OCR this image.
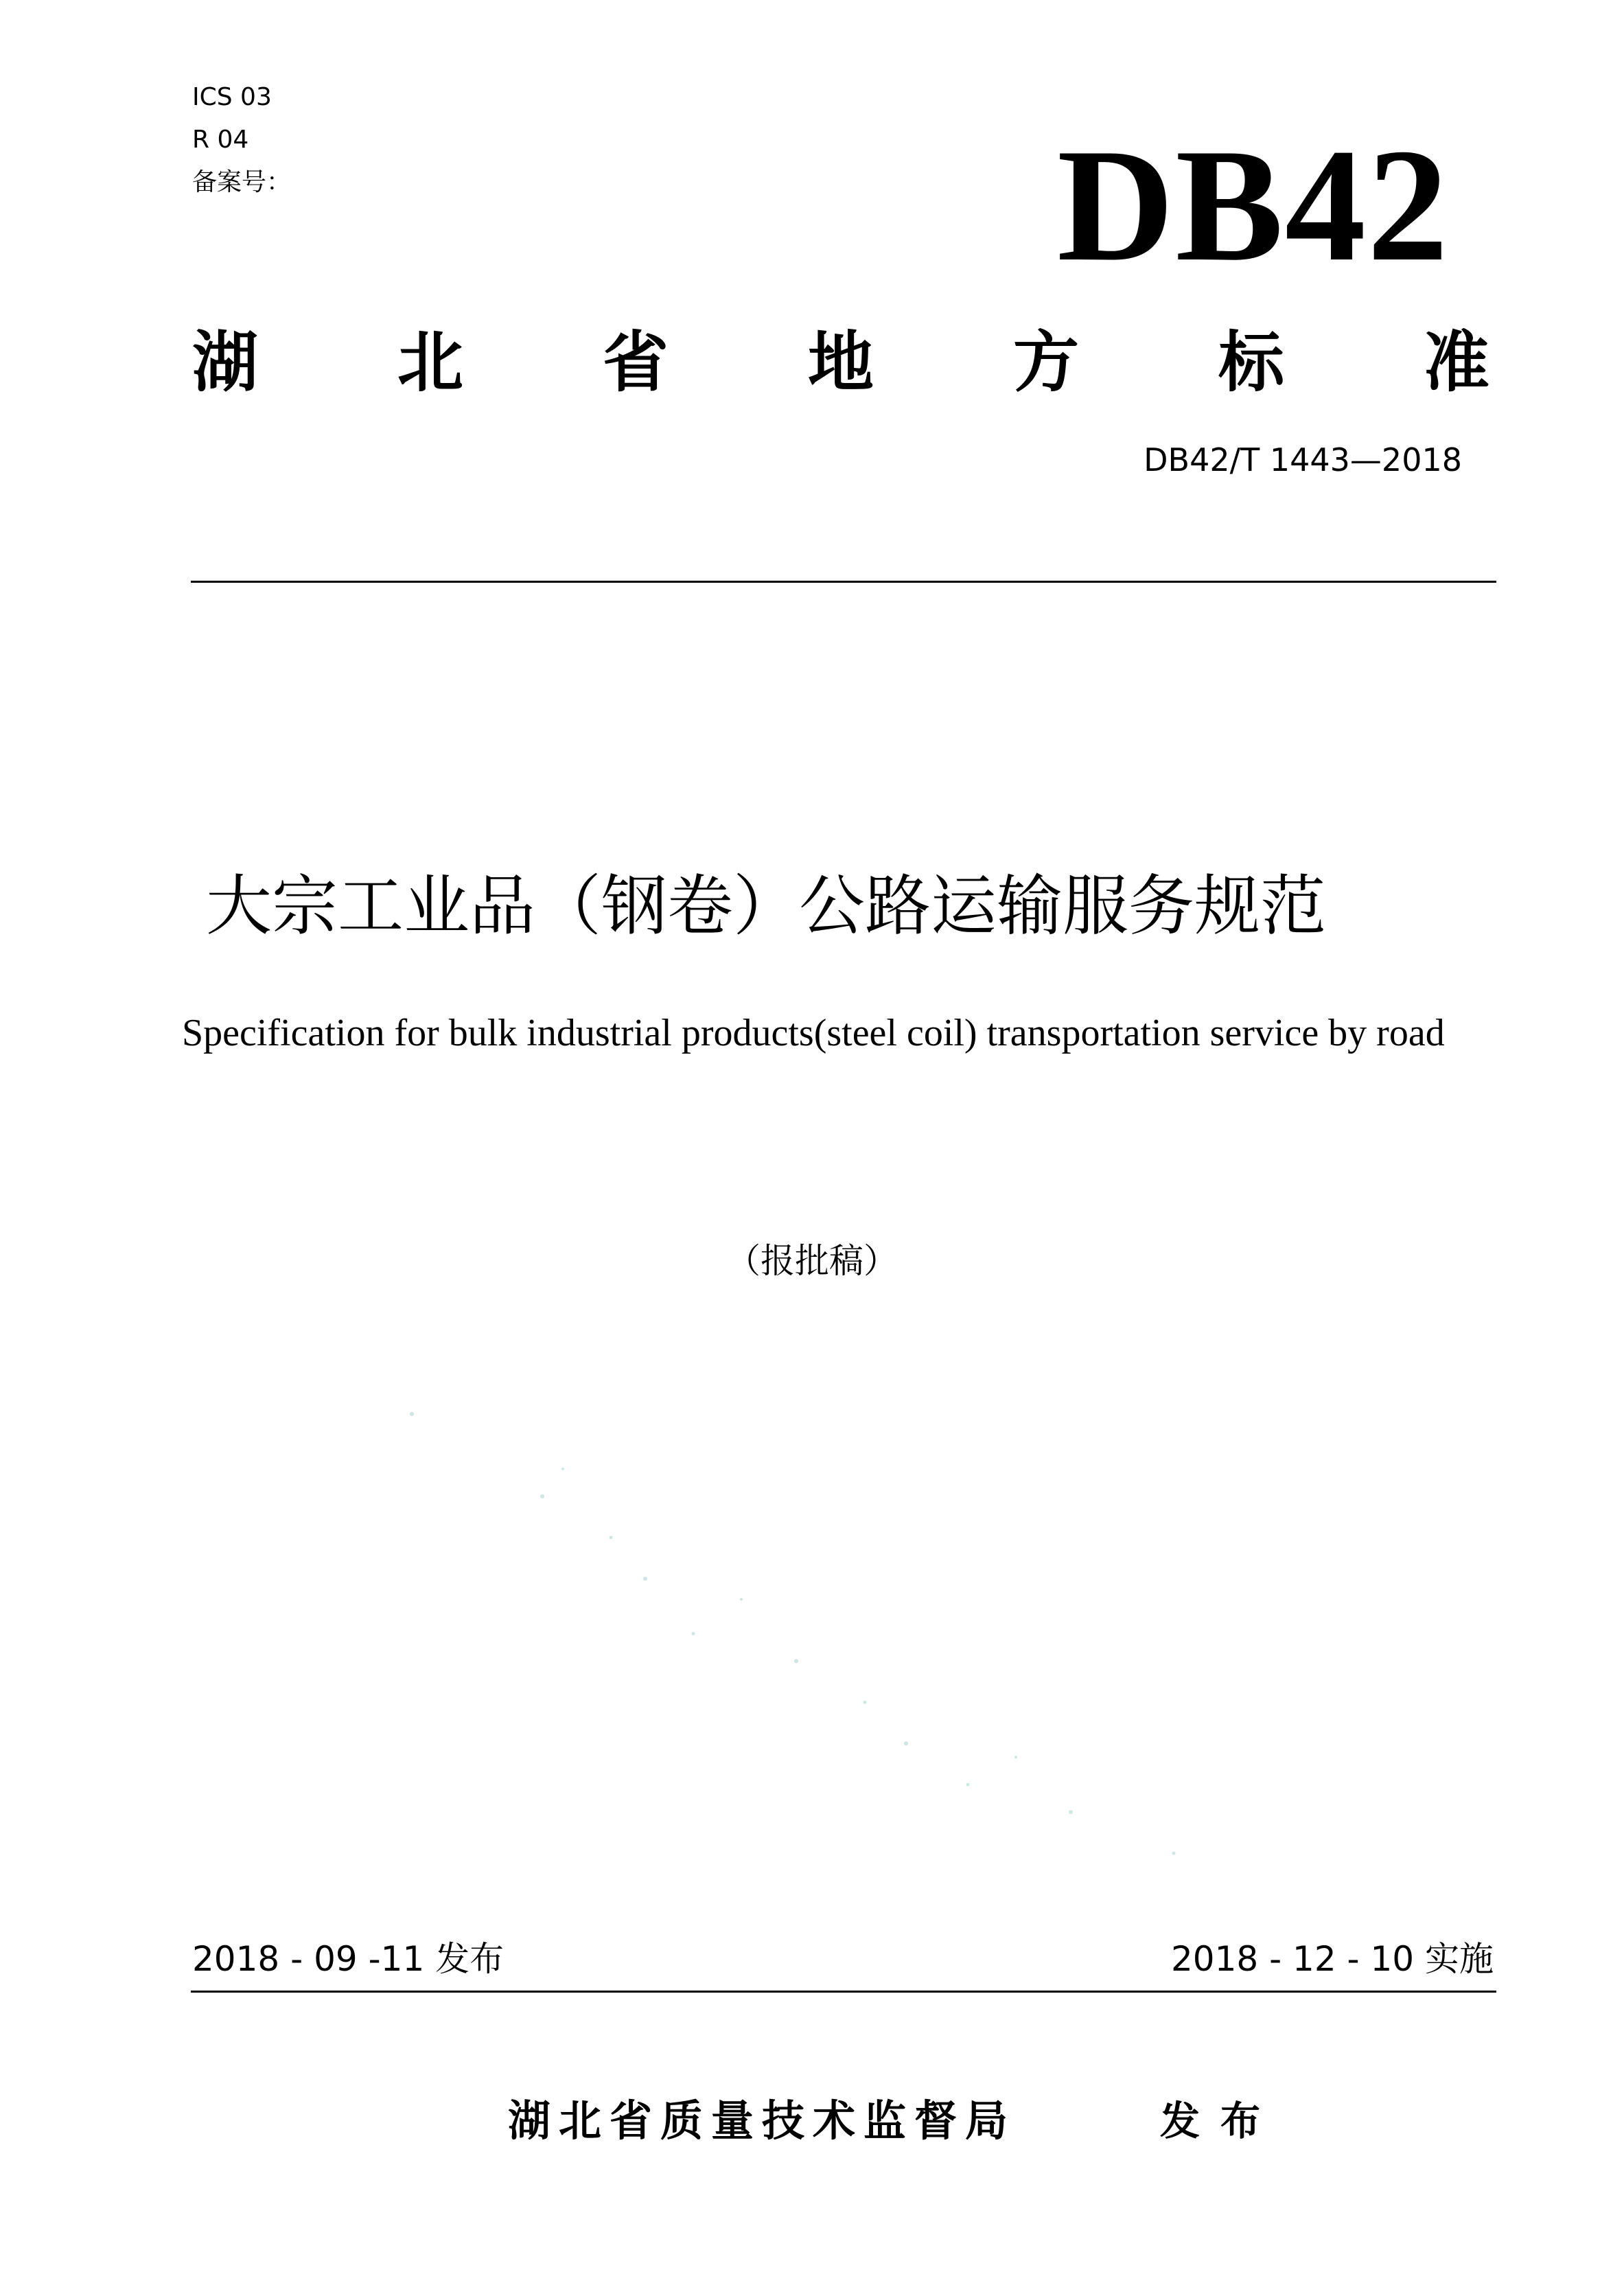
ICS 03
R 04
备案号：	DB42
湖 北 省 地 方 标 准
DB42/T 1443—2018
大宗工业品（钢卷）公路运输服务规范
Specification for bulk industrial products(steel coil) transportation service by road
（报批稿）
2018 - 09 -11 发布	2018 - 12 - 10 实施
湖北省质量技术监督局	发布
